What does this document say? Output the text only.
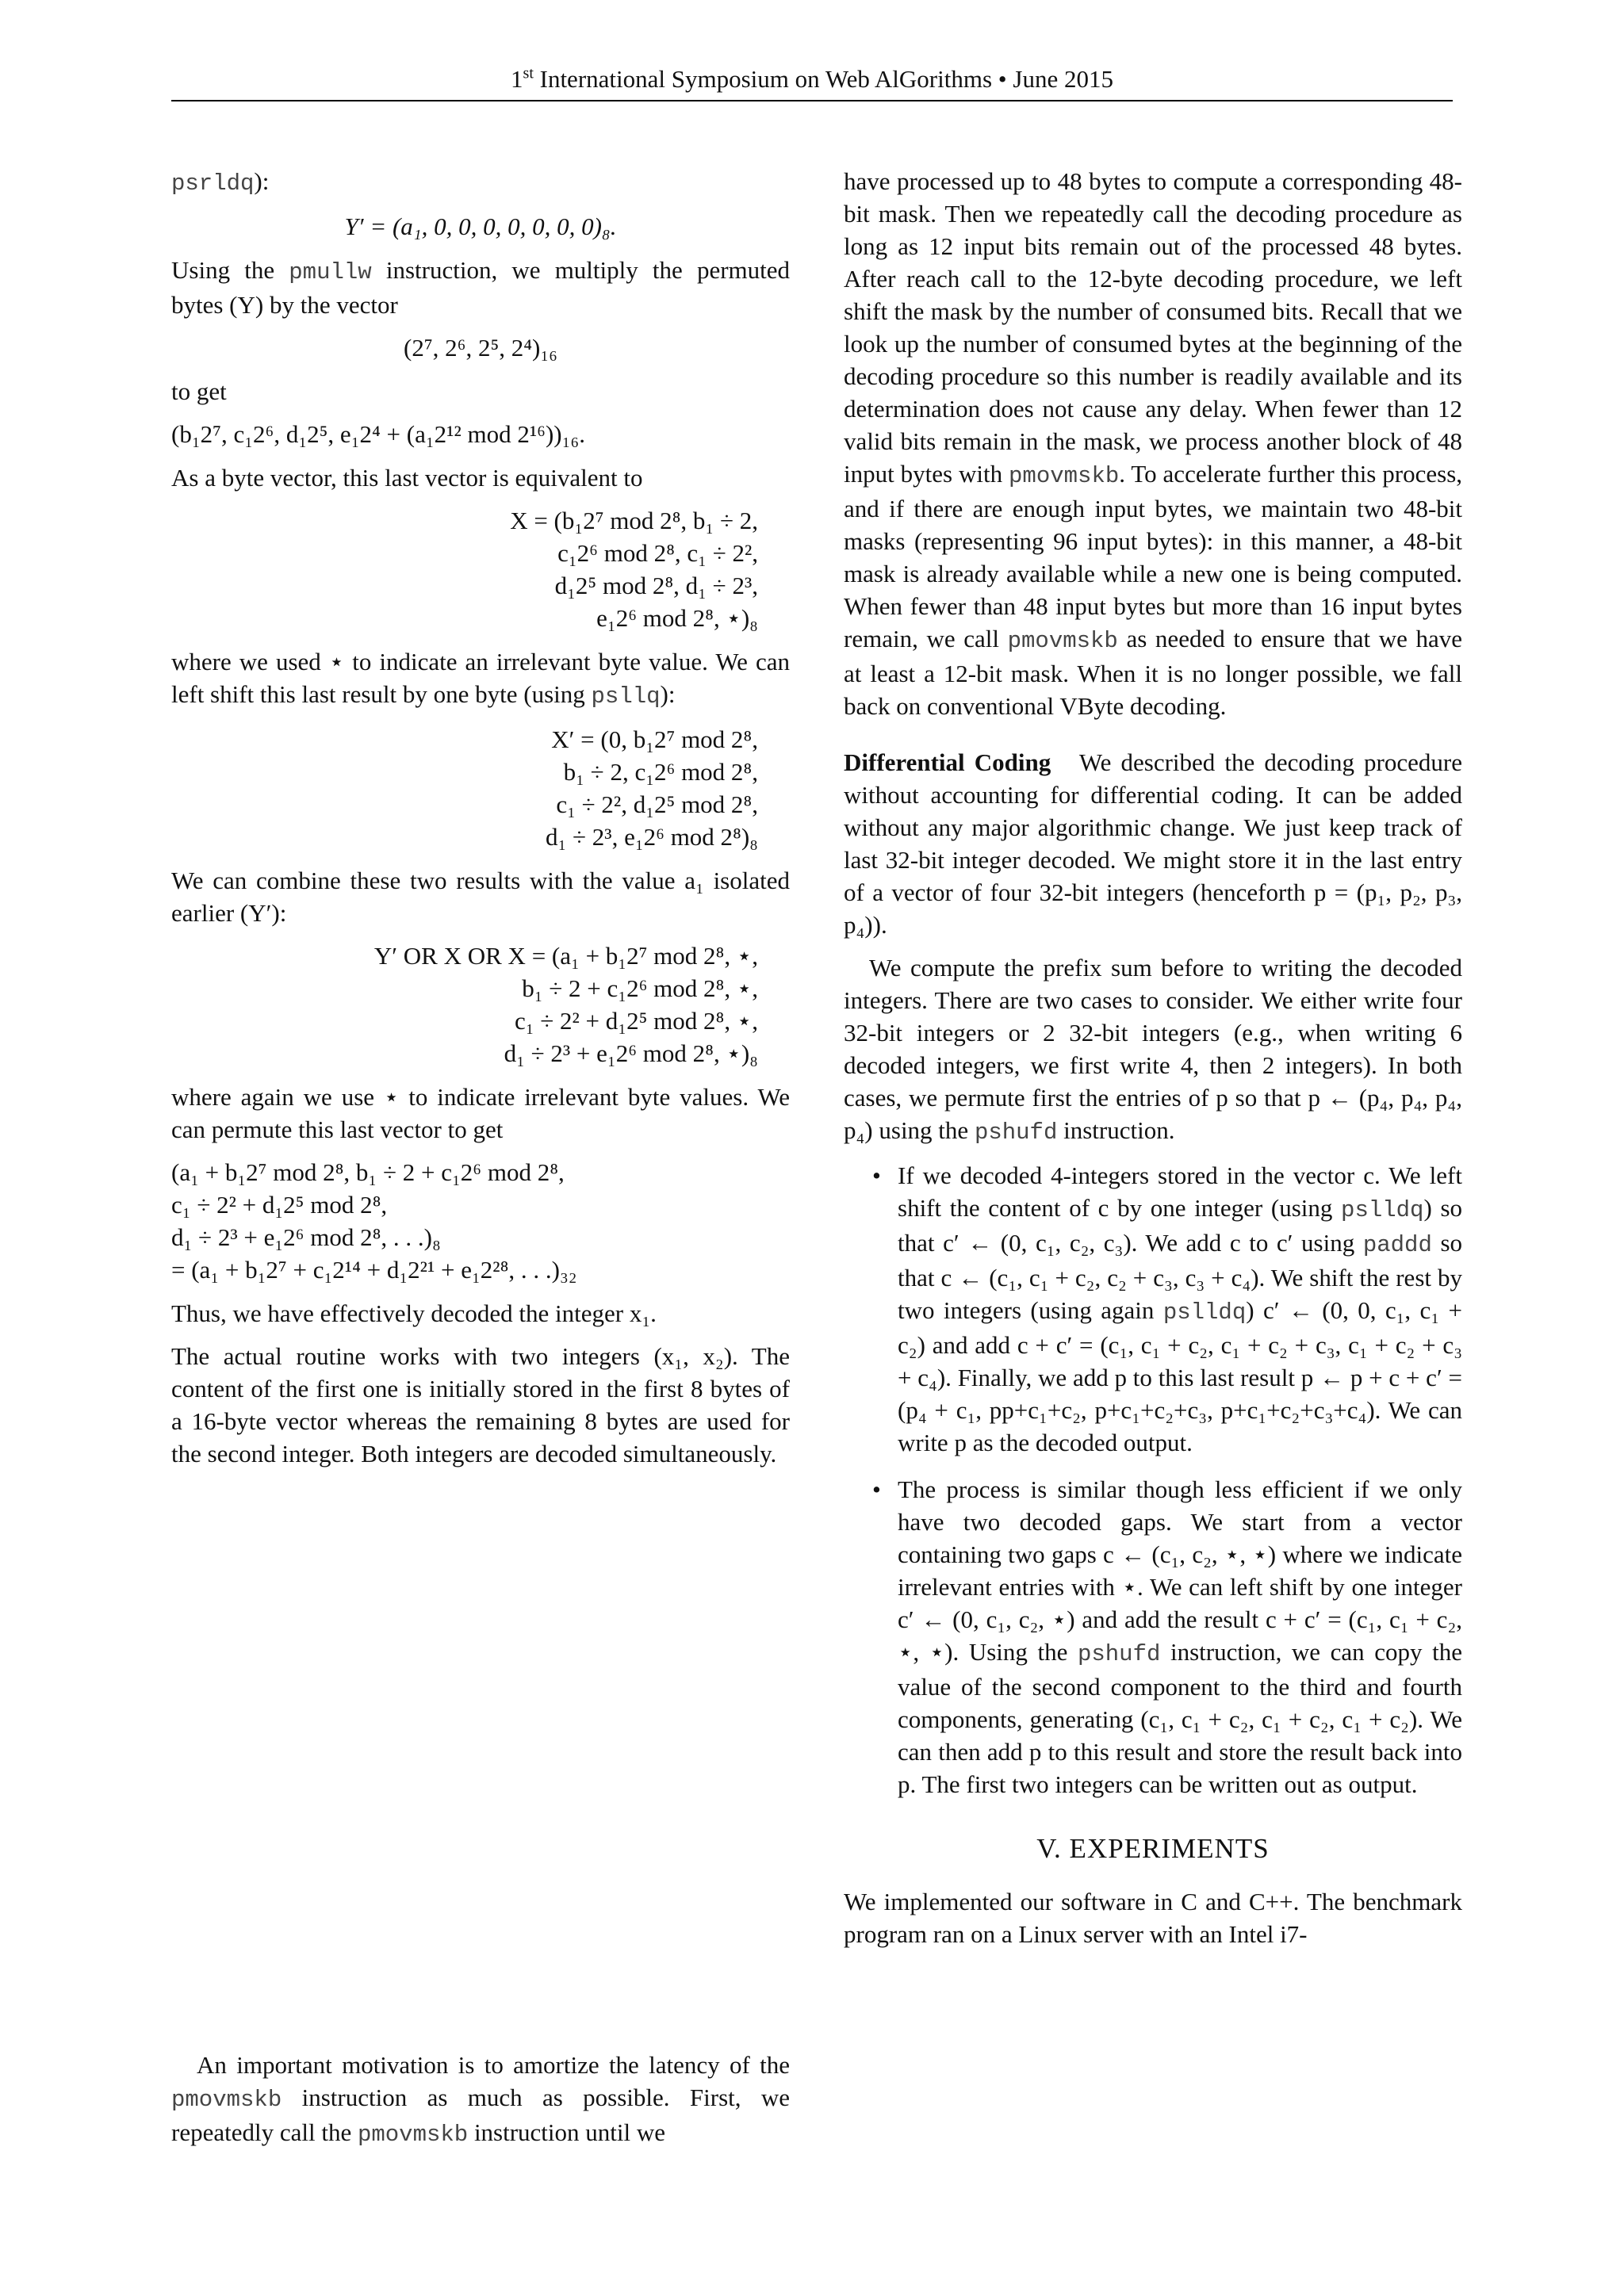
1st International Symposium on Web AlGorithms • June 2015

psrldq):

Y′ = (a₁, 0, 0, 0, 0, 0, 0, 0)₈.

Using the pmullw instruction, we multiply the permuted bytes (Y) by the vector

(2⁷, 2⁶, 2⁵, 2⁴)₁₆

to get

(b₁2⁷, c₁2⁶, d₁2⁵, e₁2⁴ + (a₁2¹² mod 2¹⁶))₁₆.

As a byte vector, this last vector is equivalent to

X = (b₁2⁷ mod 2⁸, b₁ ÷ 2,
c₁2⁶ mod 2⁸, c₁ ÷ 2²,
d₁2⁵ mod 2⁸, d₁ ÷ 2³,
e₁2⁶ mod 2⁸, ⋆)₈

where we used ⋆ to indicate an irrelevant byte value. We can left shift this last result by one byte (using psllq):

X′ = (0, b₁2⁷ mod 2⁸,
b₁ ÷ 2, c₁2⁶ mod 2⁸,
c₁ ÷ 2², d₁2⁵ mod 2⁸,
d₁ ÷ 2³, e₁2⁶ mod 2⁸)₈

We can combine these two results with the value a₁ isolated earlier (Y′):

Y′ OR X OR X = (a₁ + b₁2⁷ mod 2⁸, ⋆,
b₁ ÷ 2 + c₁2⁶ mod 2⁸, ⋆,
c₁ ÷ 2² + d₁2⁵ mod 2⁸, ⋆,
d₁ ÷ 2³ + e₁2⁶ mod 2⁸, ⋆)₈

where again we use ⋆ to indicate irrelevant byte values. We can permute this last vector to get

(a₁ + b₁2⁷ mod 2⁸, b₁ ÷ 2 + c₁2⁶ mod 2⁸,
c₁ ÷ 2² + d₁2⁵ mod 2⁸,
d₁ ÷ 2³ + e₁2⁶ mod 2⁸, . . .)₈
= (a₁ + b₁2⁷ + c₁2¹⁴ + d₁2²¹ + e₁2²⁸, . . .)₃₂

Thus, we have effectively decoded the integer x₁.

The actual routine works with two integers (x₁, x₂). The content of the first one is initially stored in the first 8 bytes of a 16-byte vector whereas the remaining 8 bytes are used for the second integer. Both integers are decoded simultaneously.

An important motivation is to amortize the latency of the pmovmskb instruction as much as possible. First, we repeatedly call the pmovmskb instruction until we

have processed up to 48 bytes to compute a corresponding 48-bit mask. Then we repeatedly call the decoding procedure as long as 12 input bits remain out of the processed 48 bytes. After reach call to the 12-byte decoding procedure, we left shift the mask by the number of consumed bits. Recall that we look up the number of consumed bytes at the beginning of the decoding procedure so this number is readily available and its determination does not cause any delay. When fewer than 12 valid bits remain in the mask, we process another block of 48 input bytes with pmovmskb. To accelerate further this process, and if there are enough input bytes, we maintain two 48-bit masks (representing 96 input bytes): in this manner, a 48-bit mask is already available while a new one is being computed. When fewer than 48 input bytes but more than 16 input bytes remain, we call pmovmskb as needed to ensure that we have at least a 12-bit mask. When it is no longer possible, we fall back on conventional VByte decoding.

Differential Coding We described the decoding procedure without accounting for differential coding. It can be added without any major algorithmic change. We just keep track of last 32-bit integer decoded. We might store it in the last entry of a vector of four 32-bit integers (henceforth p = (p₁, p₂, p₃, p₄)).

We compute the prefix sum before to writing the decoded integers. There are two cases to consider. We either write four 32-bit integers or 2 32-bit integers (e.g., when writing 6 decoded integers, we first write 4, then 2 integers). In both cases, we permute first the entries of p so that p ← (p₄, p₄, p₄, p₄) using the pshufd instruction.

• If we decoded 4-integers stored in the vector c. We left shift the content of c by one integer (using pslldq) so that c′ ← (0, c₁, c₂, c₃). We add c to c′ using paddd so that c ← (c₁, c₁ + c₂, c₂ + c₃, c₃ + c₄). We shift the rest by two integers (using again pslldq) c′ ← (0, 0, c₁, c₁ + c₂) and add c + c′ = (c₁, c₁ + c₂, c₁ + c₂ + c₃, c₁ + c₂ + c₃ + c₄). Finally, we add p to this last result p ← p + c + c′ = (p₄ + c₁, pp+c₁+c₂, p+c₁+c₂+c₃, p+c₁+c₂+c₃+c₄). We can write p as the decoded output.
• The process is similar though less efficient if we only have two decoded gaps. We start from a vector containing two gaps c ← (c₁, c₂, ⋆, ⋆) where we indicate irrelevant entries with ⋆. We can left shift by one integer c′ ← (0, c₁, c₂, ⋆) and add the result c + c′ = (c₁, c₁ + c₂, ⋆, ⋆). Using the pshufd instruction, we can copy the value of the second component to the third and fourth components, generating (c₁, c₁ + c₂, c₁ + c₂, c₁ + c₂). We can then add p to this result and store the result back into p. The first two integers can be written out as output.
V. EXPERIMENTS

We implemented our software in C and C++. The benchmark program ran on a Linux server with an Intel i7-
